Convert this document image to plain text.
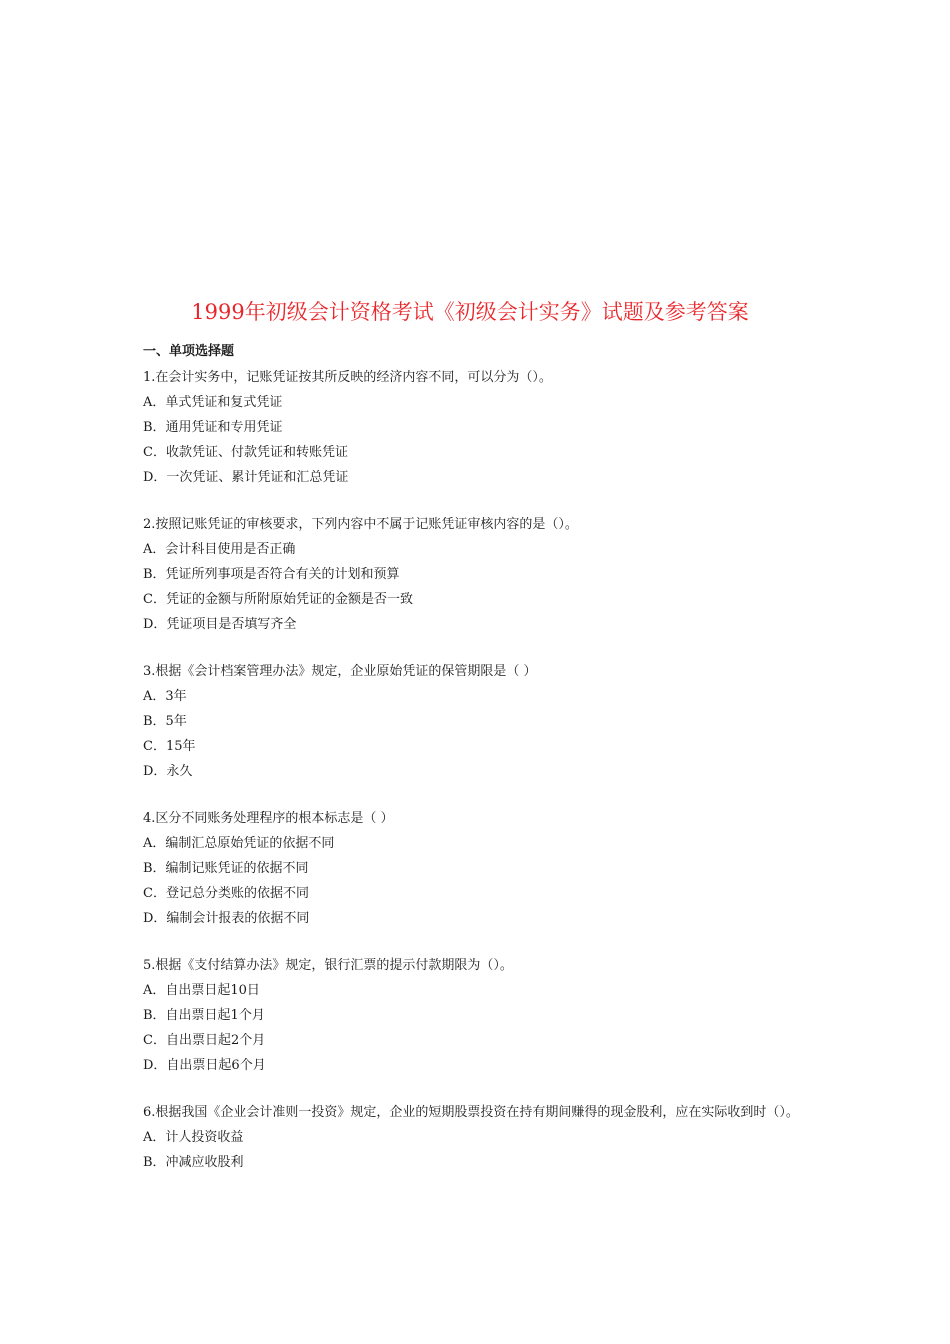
1999年初级会计资格考试《初级会计实务》试题及参考答案
一、单项选择题
1.在会计实务中，记账凭证按其所反映的经济内容不同，可以分为（）。
A．单式凭证和复式凭证
B．通用凭证和专用凭证
C．收款凭证、付款凭证和转账凭证
D．一次凭证、累计凭证和汇总凭证
2.按照记账凭证的审核要求，下列内容中不属于记账凭证审核内容的是（）。
A．会计科目使用是否正确
B．凭证所列事项是否符合有关的计划和预算
C．凭证的金额与所附原始凭证的金额是否一致
D．凭证项目是否填写齐全
3.根据《会计档案管理办法》规定，企业原始凭证的保管期限是（ ）
A．3年
B．5年
C．15年
D．永久
4.区分不同账务处理程序的根本标志是（ ）
A．编制汇总原始凭证的依据不同
B．编制记账凭证的依据不同
C．登记总分类账的依据不同
D．编制会计报表的依据不同
5.根据《支付结算办法》规定，银行汇票的提示付款期限为（）。
A．自出票日起10日
B．自出票日起1个月
C．自出票日起2个月
D．自出票日起6个月
6.根据我国《企业会计准则一投资》规定，企业的短期股票投资在持有期间赚得的现金股利，应在实际收到时（）。
A．计人投资收益
B．冲减应收股利
